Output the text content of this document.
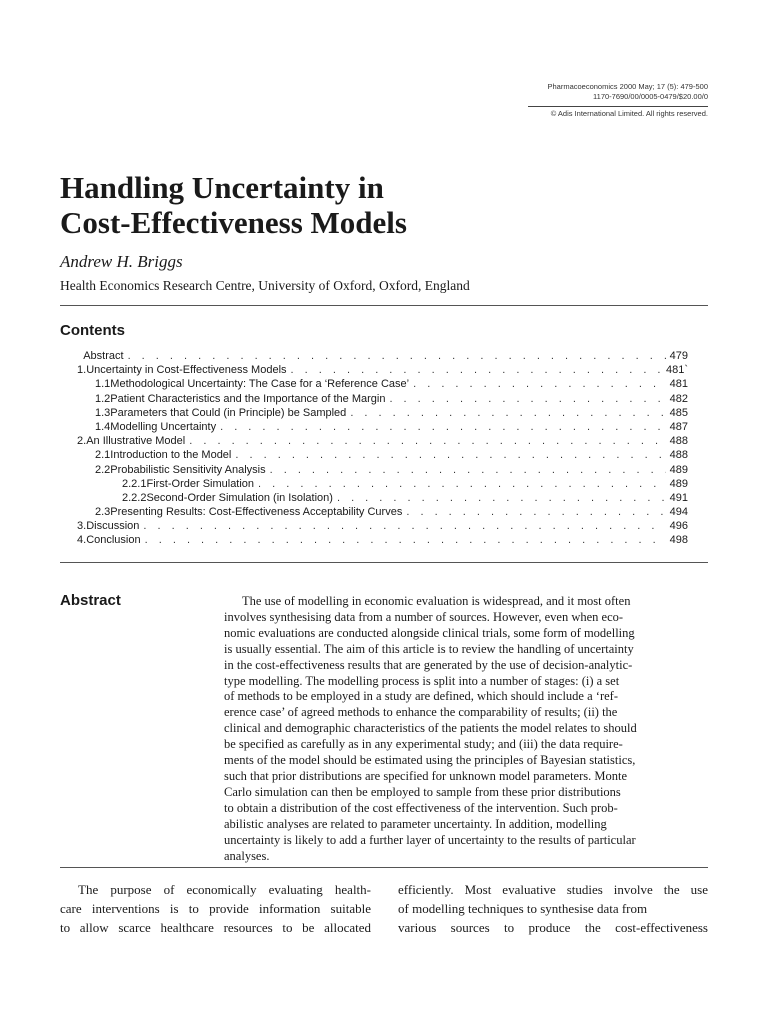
Pharmacoeconomics 2000 May; 17 (5): 479-500
1170-7690/00/0005-0479/$20.00/0
© Adis International Limited. All rights reserved.
Handling Uncertainty in
Cost-Effectiveness Models
Andrew H. Briggs
Health Economics Research Centre, University of Oxford, Oxford, England
Contents
Abstract . . .	479
1. Uncertainty in Cost-Effectiveness Models . . .	481`
1.1 Methodological Uncertainty: The Case for a ‘Reference Case’ . . .	481
1.2 Patient Characteristics and the Importance of the Margin . . .	482
1.3 Parameters that Could (in Principle) be Sampled . . .	485
1.4 Modelling Uncertainty . . .	487
2. An Illustrative Model . . .	488
2.1 Introduction to the Model . . .	488
2.2 Probabilistic Sensitivity Analysis . . .	489
2.2.1 First-Order Simulation . . .	489
2.2.2 Second-Order Simulation (in Isolation) . . .	491
2.3 Presenting Results: Cost-Effectiveness Acceptability Curves . . .	494
3. Discussion . . .	496
4. Conclusion . . .	498
Abstract	The use of modelling in economic evaluation is widespread, and it most often
involves synthesising data from a number of sources. However, even when eco-
nomic evaluations are conducted alongside clinical trials, some form of modelling
is usually essential. The aim of this article is to review the handling of uncertainty
in the cost-effectiveness results that are generated by the use of decision-analytic-
type modelling. The modelling process is split into a number of stages: (i) a set
of methods to be employed in a study are defined, which should include a ‘ref-
erence case’ of agreed methods to enhance the comparability of results; (ii) the
clinical and demographic characteristics of the patients the model relates to should
be specified as carefully as in any experimental study; and (iii) the data require-
ments of the model should be estimated using the principles of Bayesian statistics,
such that prior distributions are specified for unknown model parameters. Monte
Carlo simulation can then be employed to sample from these prior distributions
to obtain a distribution of the cost effectiveness of the intervention. Such prob-
abilistic analyses are related to parameter uncertainty. In addition, modelling
uncertainty is likely to add a further layer of uncertainty to the results of particular
analyses.
The purpose of economically evaluating health-
care interventions is to provide information suitable
to allow scarce healthcare resources to be allocated
efficiently. Most evaluative studies involve the use
of modelling techniques to synthesise data from
various sources to produce the cost-effectiveness
